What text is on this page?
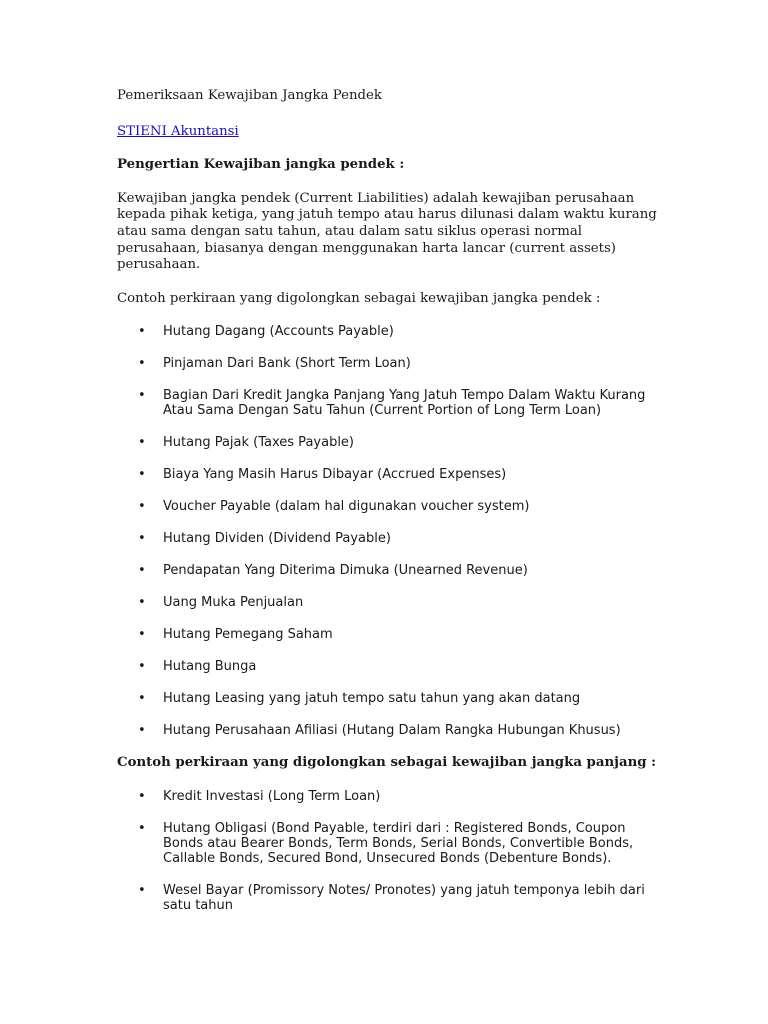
Pemeriksaan Kewajiban Jangka Pendek

STIENI Akuntansi

Pengertian Kewajiban jangka pendek :

Kewajiban jangka pendek (Current Liabilities) adalah kewajiban perusahaan kepada pihak ketiga, yang jatuh tempo atau harus dilunasi dalam waktu kurang atau sama dengan satu tahun, atau dalam satu siklus operasi normal perusahaan, biasanya dengan menggunakan harta lancar (current assets) perusahaan.

Contoh perkiraan yang digolongkan sebagai kewajiban jangka pendek :

• Hutang Dagang (Accounts Payable)
• Pinjaman Dari Bank (Short Term Loan)
• Bagian Dari Kredit Jangka Panjang Yang Jatuh Tempo Dalam Waktu Kurang Atau Sama Dengan Satu Tahun (Current Portion of Long Term Loan)
• Hutang Pajak (Taxes Payable)
• Biaya Yang Masih Harus Dibayar (Accrued Expenses)
• Voucher Payable (dalam hal digunakan voucher system)
• Hutang Dividen (Dividend Payable)
• Pendapatan Yang Diterima Dimuka (Unearned Revenue)
• Uang Muka Penjualan
• Hutang Pemegang Saham
• Hutang Bunga
• Hutang Leasing yang jatuh tempo satu tahun yang akan datang
• Hutang Perusahaan Afiliasi (Hutang Dalam Rangka Hubungan Khusus)

Contoh perkiraan yang digolongkan sebagai kewajiban jangka panjang :

• Kredit Investasi (Long Term Loan)
• Hutang Obligasi (Bond Payable, terdiri dari : Registered Bonds, Coupon Bonds atau Bearer Bonds, Term Bonds, Serial Bonds, Convertible Bonds, Callable Bonds, Secured Bond, Unsecured Bonds (Debenture Bonds).
• Wesel Bayar (Promissory Notes/ Pronotes) yang jatuh temponya lebih dari satu tahun
